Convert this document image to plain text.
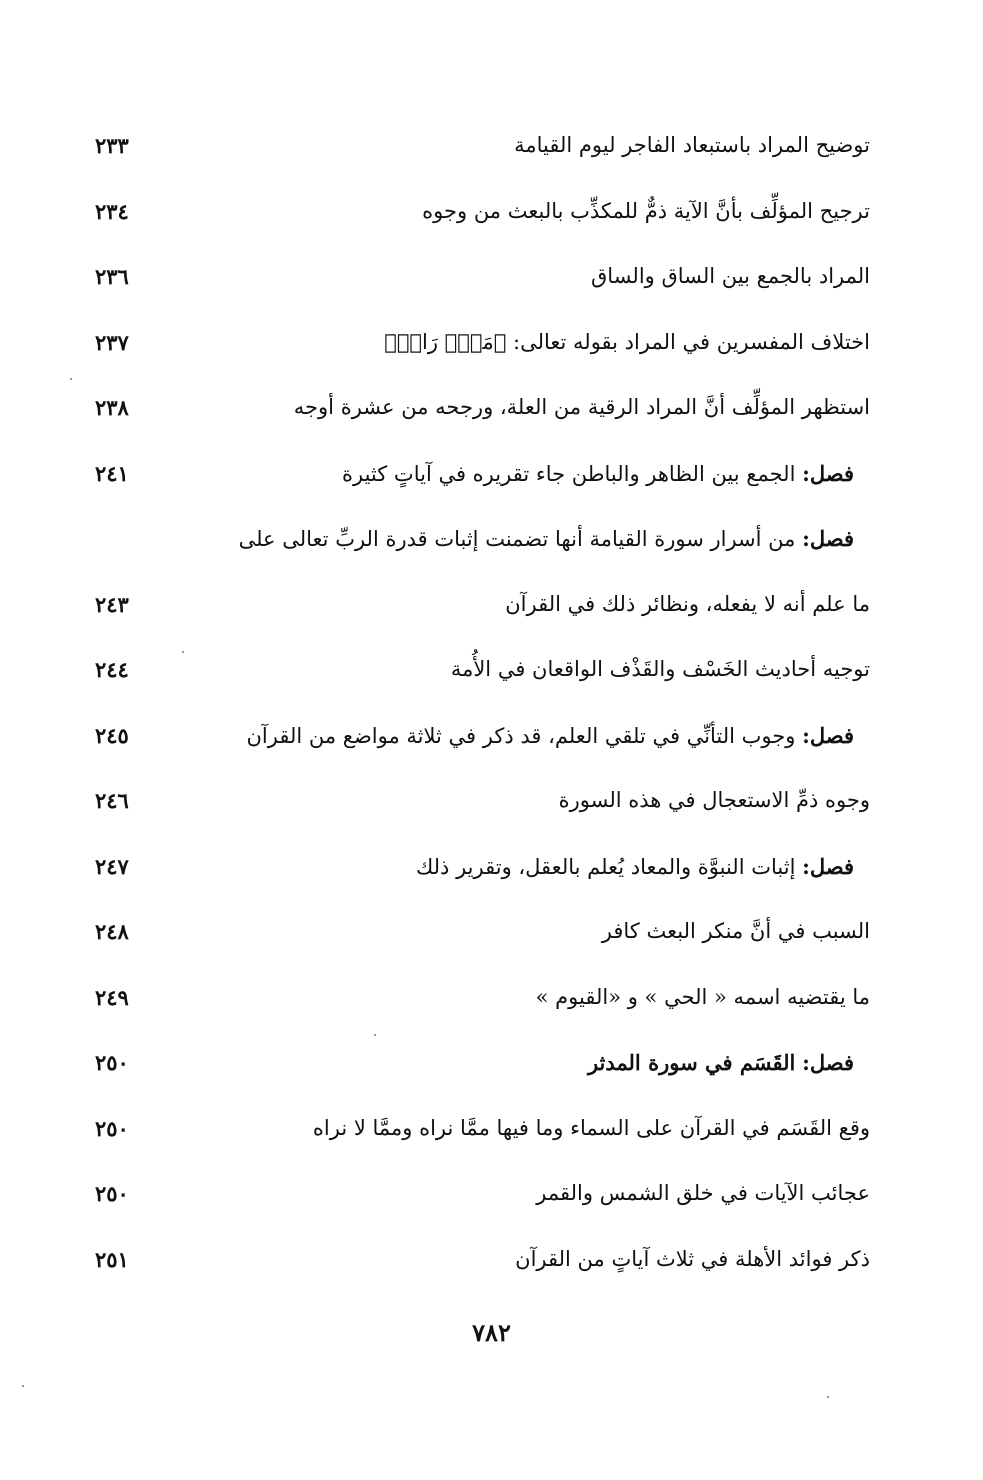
توضيح المراد باستبعاد الفاجر ليوم القيامة
٢٣٣
ترجيح المؤلِّف بأنَّ الآية ذمٌّ للمكذِّب بالبعث من وجوه
٢٣٤
المراد بالجمع بين الساق والساق
٢٣٦
اختلاف المفسرين في المراد بقوله تعالى: ﴿مَنۡۜ رَاقٖ﴾
٢٣٧
استظهر المؤلِّف أنَّ المراد الرقية من العلة، ورجحه من عشرة أوجه
٢٣٨
فصل: الجمع بين الظاهر والباطن جاء تقريره في آياتٍ كثيرة
٢٤١
فصل: من أسرار سورة القيامة أنها تضمنت إثبات قدرة الربِّ تعالى على
ما علم أنه لا يفعله، ونظائر ذلك في القرآن
٢٤٣
توجيه أحاديث الخَسْف والقَذْف الواقعان في الأُمة
٢٤٤
فصل: وجوب التأنِّي في تلقي العلم، قد ذكر في ثلاثة مواضع من القرآن
٢٤٥
وجوه ذمِّ الاستعجال في هذه السورة
٢٤٦
فصل: إثبات النبوَّة والمعاد يُعلم بالعقل، وتقرير ذلك
٢٤٧
السبب في أنَّ منكر البعث كافر
٢٤٨
ما يقتضيه اسمه « الحي » و «القيوم »
٢٤٩
فصل: القَسَم في سورة المدثر
٢٥٠
وقع القَسَم في القرآن على السماء وما فيها ممَّا نراه وممَّا لا نراه
٢٥٠
عجائب الآيات في خلق الشمس والقمر
٢٥٠
ذكر فوائد الأهلة في ثلاث آياتٍ من القرآن
٢٥١
٧٨٢
